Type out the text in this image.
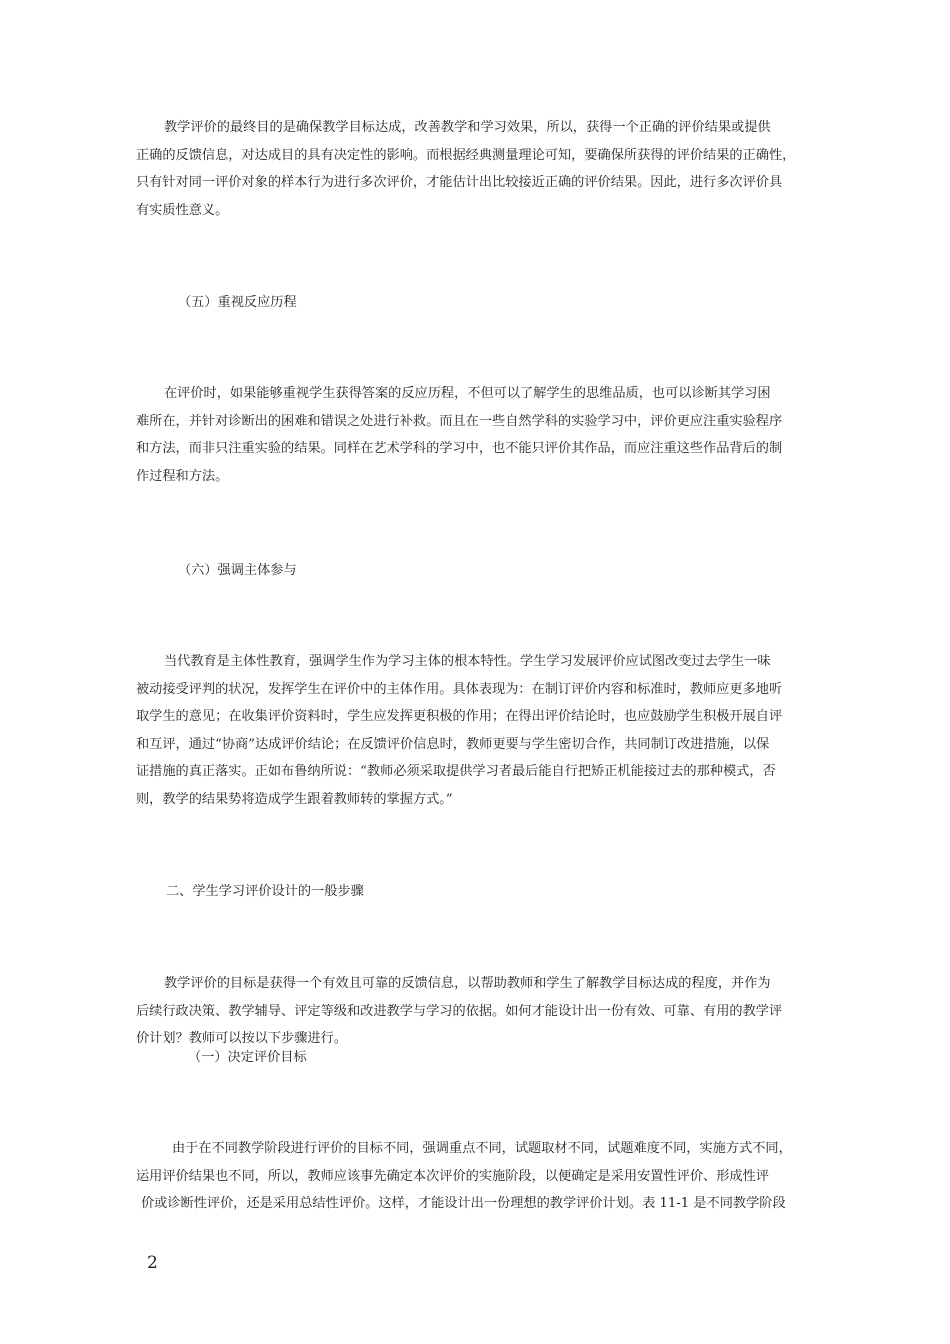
教学评价的最终目的是确保教学目标达成，改善教学和学习效果，所以，获得一个正确的评价结果或提供
正确的反馈信息，对达成目的具有决定性的影响。而根据经典测量理论可知，要确保所获得的评价结果的正确性，
只有针对同一评价对象的样本行为进行多次评价，才能估计出比较接近正确的评价结果。因此，进行多次评价具
有实质性意义。
（五）重视反应历程
在评价时，如果能够重视学生获得答案的反应历程，不但可以了解学生的思维品质，也可以诊断其学习困
难所在，并针对诊断出的困难和错误之处进行补救。而且在一些自然学科的实验学习中，评价更应注重实验程序
和方法，而非只注重实验的结果。同样在艺术学科的学习中，也不能只评价其作品，而应注重这些作品背后的制
作过程和方法。
（六）强调主体参与
当代教育是主体性教育，强调学生作为学习主体的根本特性。学生学习发展评价应试图改变过去学生一味
被动接受评判的状况，发挥学生在评价中的主体作用。具体表现为：在制订评价内容和标准时，教师应更多地听
取学生的意见；在收集评价资料时，学生应发挥更积极的作用；在得出评价结论时，也应鼓励学生积极开展自评
和互评，通过“协商”达成评价结论；在反馈评价信息时，教师更要与学生密切合作，共同制订改进措施，以保
证措施的真正落实。正如布鲁纳所说：“教师必须采取提供学习者最后能自行把矫正机能接过去的那种模式，否
则，教学的结果势将造成学生跟着教师转的掌握方式。”
二、学生学习评价设计的一般步骤
教学评价的目标是获得一个有效且可靠的反馈信息，以帮助教师和学生了解教学目标达成的程度，并作为
后续行政决策、教学辅导、评定等级和改进教学与学习的依据。如何才能设计出一份有效、可靠、有用的教学评
价计划？教师可以按以下步骤进行。
（一）决定评价目标
由于在不同教学阶段进行评价的目标不同，强调重点不同，试题取材不同，试题难度不同，实施方式不同，
运用评价结果也不同，所以，教师应该事先确定本次评价的实施阶段，以便确定是采用安置性评价、形成性评
价或诊断性评价，还是采用总结性评价。这样，才能设计出一份理想的教学评价计划。表 11-1 是不同教学阶段
2
